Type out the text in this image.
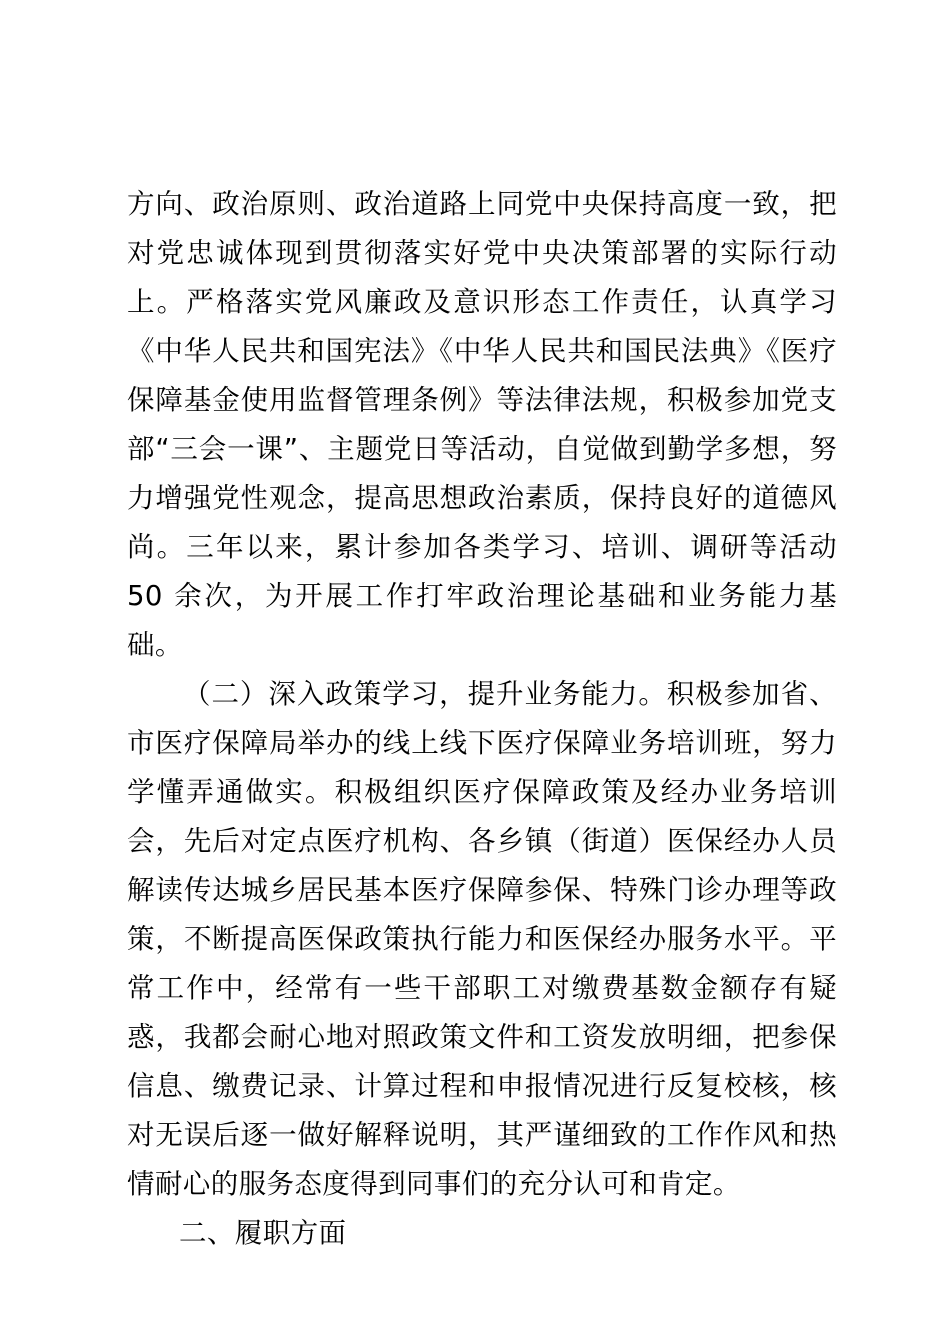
方向、政治原则、政治道路上同党中央保持高度一致，把对党忠诚体现到贯彻落实好党中央决策部署的实际行动上。严格落实党风廉政及意识形态工作责任，认真学习《中华人民共和国宪法》《中华人民共和国民法典》《医疗保障基金使用监督管理条例》等法律法规，积极参加党支部“三会一课”、主题党日等活动，自觉做到勤学多想，努力增强党性观念，提高思想政治素质，保持良好的道德风尚。三年以来，累计参加各类学习、培训、调研等活动 50 余次，为开展工作打牢政治理论基础和业务能力基础。

（二）深入政策学习，提升业务能力。积极参加省、市医疗保障局举办的线上线下医疗保障业务培训班，努力学懂弄通做实。积极组织医疗保障政策及经办业务培训会，先后对定点医疗机构、各乡镇（街道）医保经办人员解读传达城乡居民基本医疗保障参保、特殊门诊办理等政策，不断提高医保政策执行能力和医保经办服务水平。平常工作中，经常有一些干部职工对缴费基数金额存有疑惑，我都会耐心地对照政策文件和工资发放明细，把参保信息、缴费记录、计算过程和申报情况进行反复校核，核对无误后逐一做好解释说明，其严谨细致的工作作风和热情耐心的服务态度得到同事们的充分认可和肯定。

二、履职方面
